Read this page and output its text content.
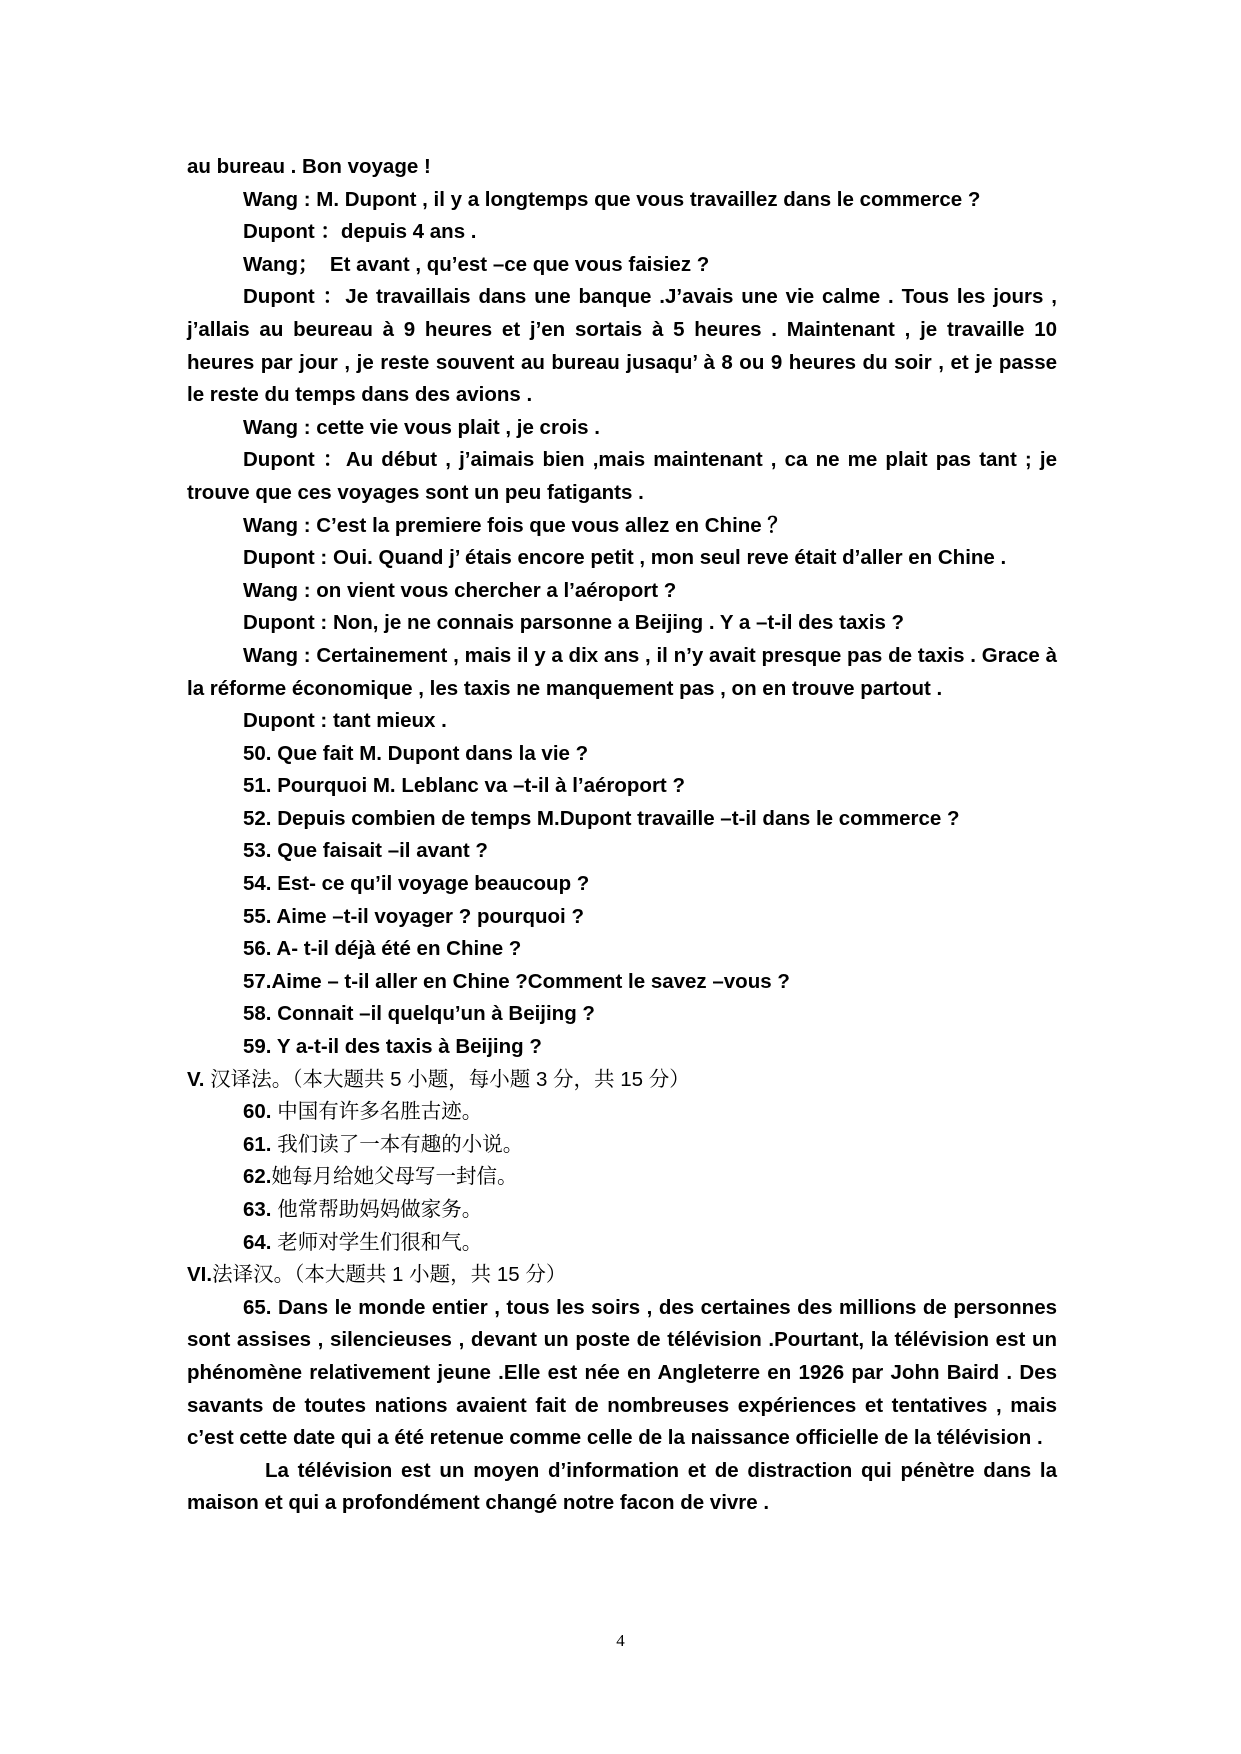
au bureau . Bon voyage !

Wang : M. Dupont , il y a longtemps que vous travaillez dans le commerce ?

Dupont ：depuis 4 ans .

Wang；  Et avant , qu’est –ce que vous faisiez ?

Dupont ：Je travaillais dans une banque .J’avais une vie calme . Tous les jours , j’allais au beureau à 9 heures et j’en sortais à 5 heures . Maintenant , je travaille 10 heures par jour , je reste souvent au bureau jusaqu’ à 8 ou 9 heures du soir , et je passe le reste du temps dans des avions .

Wang : cette vie vous plait , je crois .

Dupont ：Au début , j’aimais bien ,mais maintenant , ca ne me plait pas tant ; je trouve que ces voyages sont un peu fatigants .

Wang : C’est la premiere fois que vous allez en Chine ？

Dupont : Oui. Quand j’ étais encore petit , mon seul reve était d’aller en Chine .

Wang : on vient vous chercher a l’aéroport ?

Dupont : Non, je ne connais parsonne a Beijing . Y a –t-il des taxis ?

Wang : Certainement , mais il y a dix ans , il n’y avait presque pas de taxis . Grace à la réforme économique , les taxis ne manquement pas , on en trouve partout .

Dupont : tant mieux .

50. Que fait M. Dupont dans la vie ?

51. Pourquoi M. Leblanc va –t-il à l’aéroport ?

52. Depuis combien de temps M.Dupont travaille –t-il dans le commerce ?

53. Que faisait –il avant ?

54. Est- ce qu’il voyage beaucoup ?

55. Aime –t-il voyager ? pourquoi ?

56. A- t-il déjà été en Chine ?

57.Aime – t-il aller en Chine ?Comment le savez –vous ?

58. Connait –il quelqu’un à Beijing ?

59. Y a-t-il des taxis à Beijing ?

V. 汉译法。（本大题共 5 小题，每小题 3 分，共 15 分）

60. 中国有许多名胜古迹。

61. 我们读了一本有趣的小说。

62.她每月给她父母写一封信。

63. 他常帮助妈妈做家务。

64. 老师对学生们很和气。

VI.法译汉。（本大题共 1 小题，共 15 分）

65. Dans le monde entier , tous les soirs , des certaines des millions de personnes sont assises , silencieuses , devant un poste de télévision .Pourtant, la télévision est un phénomène relativement jeune .Elle est née en Angleterre en 1926 par John Baird . Des savants de toutes nations avaient fait de nombreuses expériences et tentatives , mais c’est cette date qui a été retenue comme celle de la naissance officielle de la télévision .

La télévision est un moyen d’information et de distraction qui pénètre dans la maison et qui a profondément changé notre facon de vivre .

4
